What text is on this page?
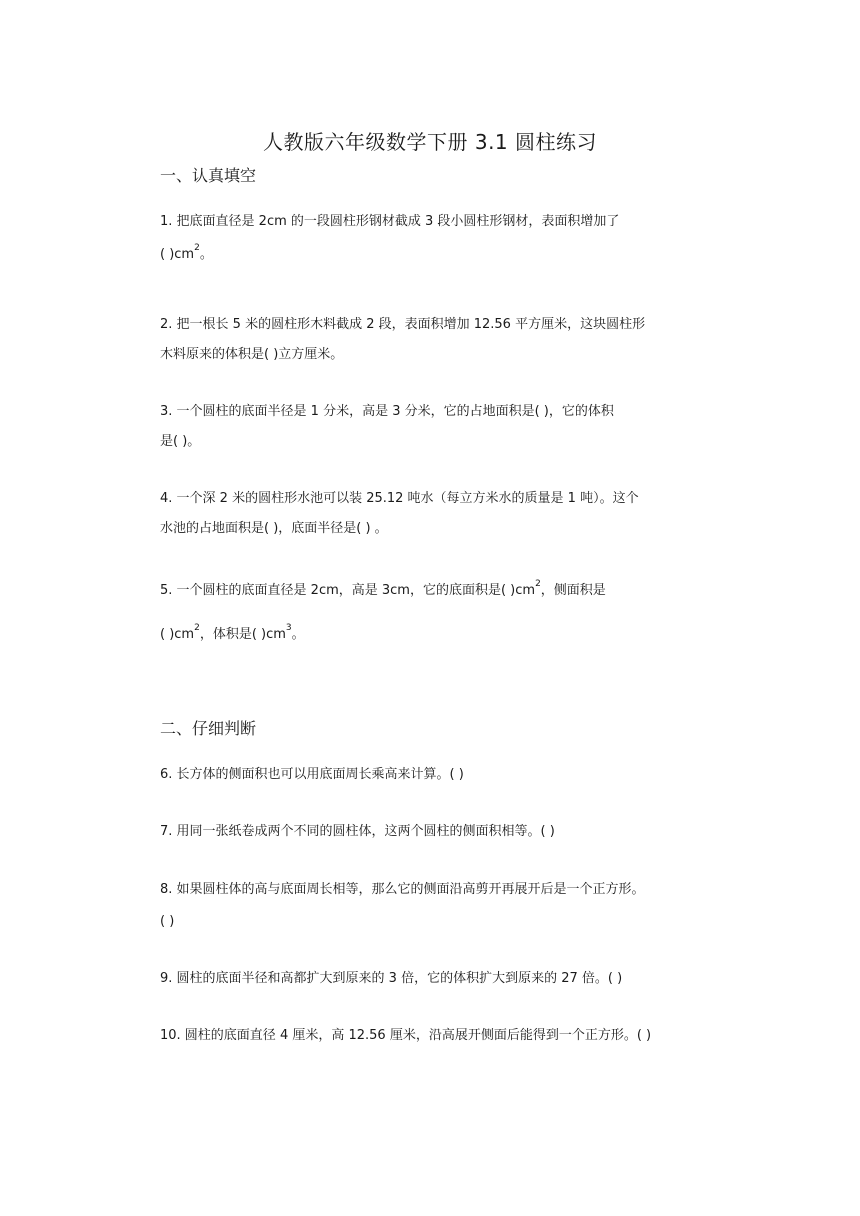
人教版六年级数学下册 3.1 圆柱练习
一、认真填空
1. 把底面直径是 2cm 的一段圆柱形钢材截成 3 段小圆柱形钢材，表面积增加了
( )$cm^2$。
2. 把一根长 5 米的圆柱形木料截成 2 段，表面积增加 12.56 平方厘米，这块圆柱形
木料原来的体积是( )立方厘米。
3. 一个圆柱的底面半径是 1 分米，高是 3 分米，它的占地面积是( )，它的体积
是( )。
4. 一个深 2 米的圆柱形水池可以装 25.12 吨水（每立方米水的质量是 1 吨）。这个
水池的占地面积是( )，底面半径是( ) 。
5. 一个圆柱的底面直径是 2cm，高是 3cm，它的底面积是( )$cm^2$，侧面积是
( )$cm^2$，体积是( )$cm^3$。
二、仔细判断
6. 长方体的侧面积也可以用底面周长乘高来计算。( )
7. 用同一张纸卷成两个不同的圆柱体，这两个圆柱的侧面积相等。( )
8. 如果圆柱体的高与底面周长相等，那么它的侧面沿高剪开再展开后是一个正方形。
( )
9. 圆柱的底面半径和高都扩大到原来的 3 倍，它的体积扩大到原来的 27 倍。( )
10. 圆柱的底面直径 4 厘米，高 12.56 厘米，沿高展开侧面后能得到一个正方形。( )
